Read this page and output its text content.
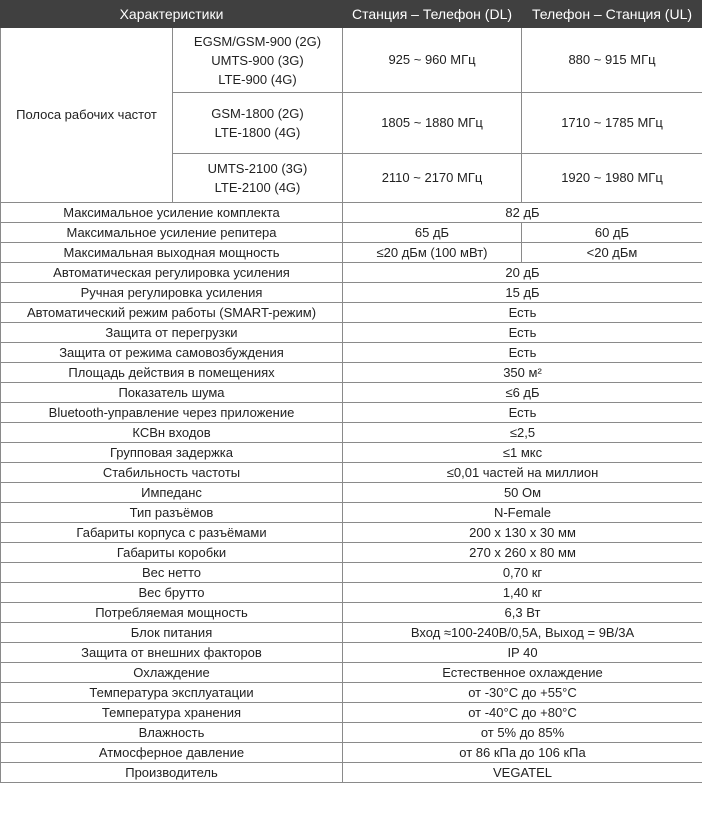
Характеристики		Станция – Телефон (DL)	Телефон – Станция (UL)
Полоса рабочих частот	EGSM/GSM-900 (2G)
UMTS-900 (3G)
LTE-900 (4G)	925 ~ 960 МГц	880 ~ 915 МГц

	GSM-1800 (2G)
LTE-1800 (4G)	1805 ~ 1880 МГц	1710 ~ 1785 МГц

	UMTS-2100 (3G)
LTE-2100 (4G)	2110 ~ 2170 МГц	1920 ~ 1980 МГц
Максимальное усиление комплекта		82 дБ	
Максимальное усиление репитера		65 дБ	60 дБ
Максимальная выходная мощность		≤20 дБм (100 мВт)	<20 дБм
Автоматическая регулировка усиления		20 дБ	
Ручная регулировка усиления		15 дБ	
Автоматический режим работы (SMART-режим)		Есть	
Защита от перегрузки		Есть	
Защита от режима самовозбуждения		Есть	
Площадь действия в помещениях		350 м²	
Показатель шума		≤6 дБ	
Bluetooth-управление через приложение		Есть	
КСВн входов		≤2,5	
Групповая задержка		≤1 мкс	
Стабильность частоты		≤0,01 частей на миллион	
Импеданс		50 Ом	
Тип разъёмов		N-Female	
Габариты корпуса с разъёмами		200 x 130 x 30 мм	
Габариты коробки		270 x 260 x 80 мм	
Вес нетто		0,70 кг	
Вес брутто		1,40 кг	
Потребляемая мощность		6,3 Вт	
Блок питания		Вход ≈100-240В/0,5А, Выход = 9В/3А	
Защита от внешних факторов		IP 40	
Охлаждение		Естественное охлаждение	
Температура эксплуатации		от -30°С до +55°С	
Температура хранения		от -40°С до +80°С	
Влажность		от 5% до 85%	
Атмосферное давление		от 86 кПа до 106 кПа	
Производитель		VEGATEL	
